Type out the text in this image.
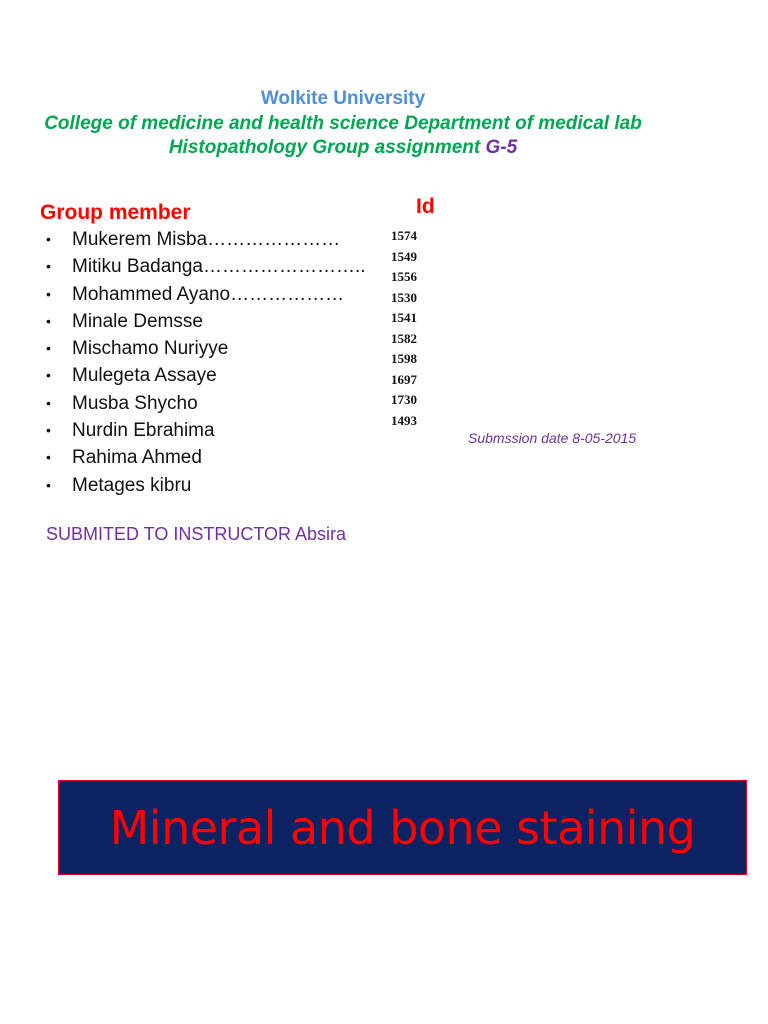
Wolkite University
College of medicine and health science Department of medical lab
Histopathology Group assignment G-5
Group member	Id
• Mukerem Misba…………………
• Mitiku Badanga……………………..
• Mohammed Ayano………………
• Minale Demsse
• Mischamo Nuriyye
• Mulegeta Assaye
• Musba Shycho
• Nurdin Ebrahima
• Rahima Ahmed
• Metages kibru
1574
1549
1556
1530
1541
1582
1598
1697
1730
1493
Submssion date 8-05-2015
SUBMITED TO INSTRUCTOR Absira
Mineral and bone staining
